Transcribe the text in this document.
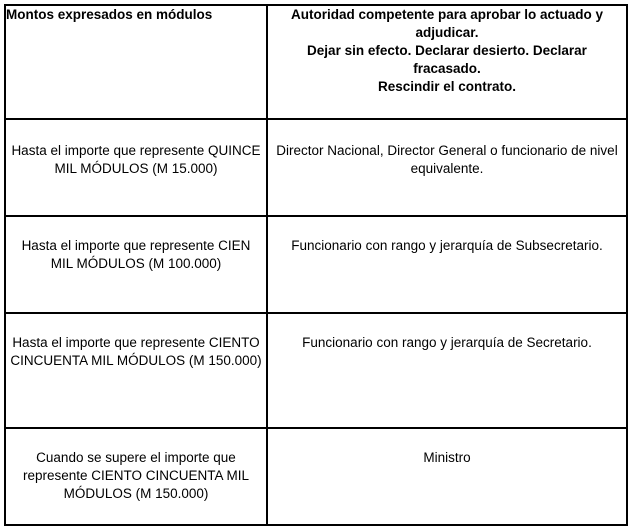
Montos expresados en módulos	Autoridad competente para aprobar lo actuado y
adjudicar.
Dejar sin efecto. Declarar desierto. Declarar
fracasado.
Rescindir el contrato.

Hasta el importe que represente QUINCE MIL MÓDULOS (M 15.000)	Director Nacional, Director General o funcionario de nivel equivalente.
Hasta el importe que represente CIEN MIL MÓDULOS (M 100.000)	Funcionario con rango y jerarquía de Subsecretario.
Hasta el importe que represente CIENTO CINCUENTA MIL MÓDULOS (M 150.000)	Funcionario con rango y jerarquía de Secretario.
Cuando se supere el importe que represente CIENTO CINCUENTA MIL MÓDULOS (M 150.000)	Ministro
